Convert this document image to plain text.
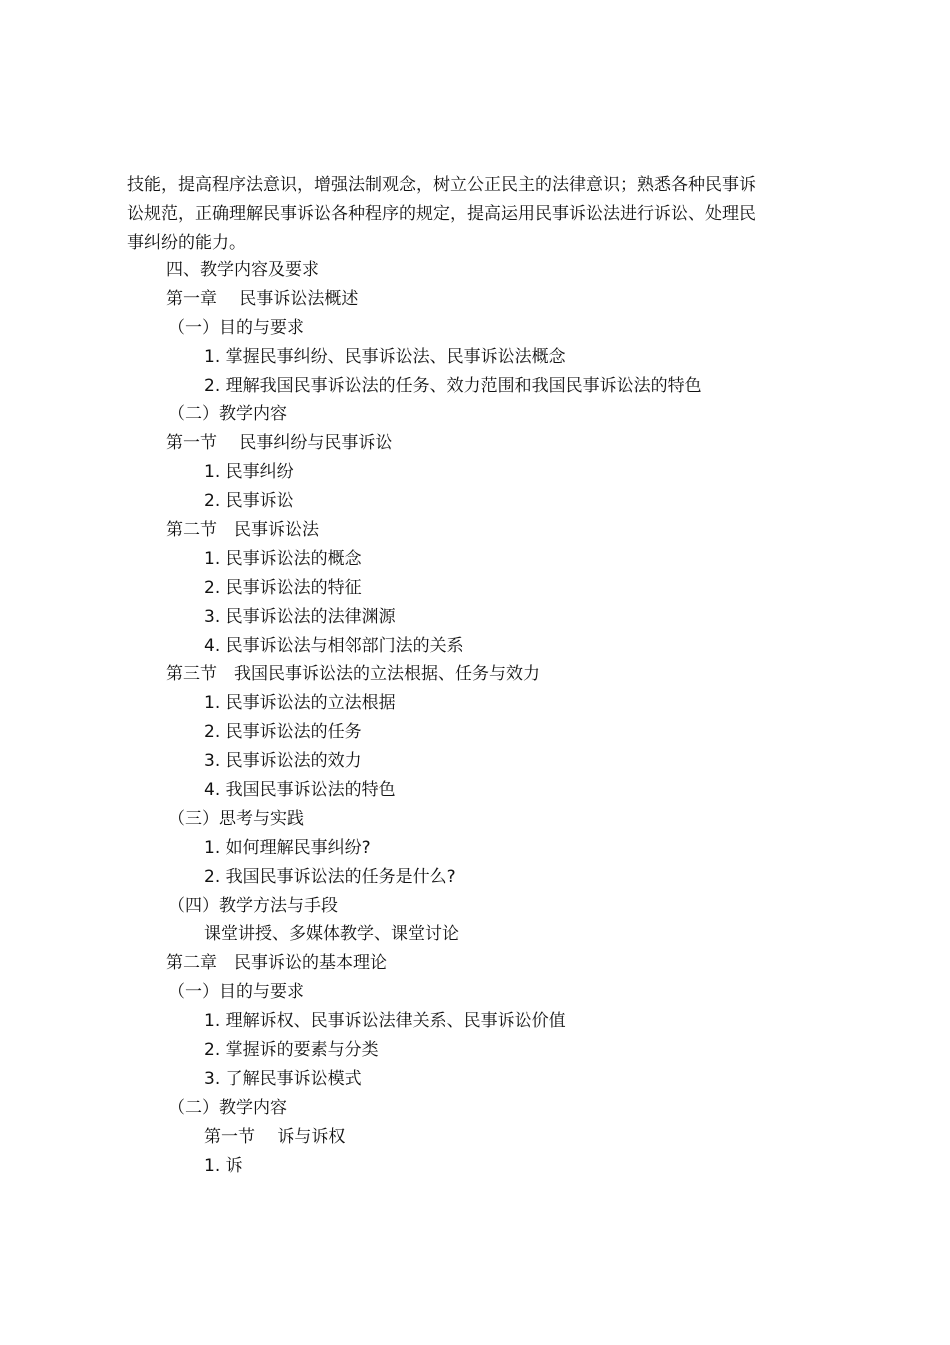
技能，提高程序法意识，增强法制观念，树立公正民主的法律意识；熟悉各种民事诉
讼规范，正确理解民事诉讼各种程序的规定，提高运用民事诉讼法进行诉讼、处理民
事纠纷的能力。

四、教学内容及要求
第一章　 民事诉讼法概述
（一）目的与要求
1. 掌握民事纠纷、民事诉讼法、民事诉讼法概念
2. 理解我国民事诉讼法的任务、效力范围和我国民事诉讼法的特色
（二）教学内容
第一节　 民事纠纷与民事诉讼
1. 民事纠纷
2. 民事诉讼
第二节　民事诉讼法
1. 民事诉讼法的概念
2. 民事诉讼法的特征
3. 民事诉讼法的法律渊源
4. 民事诉讼法与相邻部门法的关系
第三节　我国民事诉讼法的立法根据、任务与效力
1. 民事诉讼法的立法根据
2. 民事诉讼法的任务
3. 民事诉讼法的效力
4. 我国民事诉讼法的特色
（三）思考与实践
1. 如何理解民事纠纷?
2. 我国民事诉讼法的任务是什么?
（四）教学方法与手段
课堂讲授、多媒体教学、课堂讨论
第二章　民事诉讼的基本理论
（一）目的与要求
1. 理解诉权、民事诉讼法律关系、民事诉讼价值
2. 掌握诉的要素与分类
3. 了解民事诉讼模式
（二）教学内容
第一节　 诉与诉权
1. 诉
